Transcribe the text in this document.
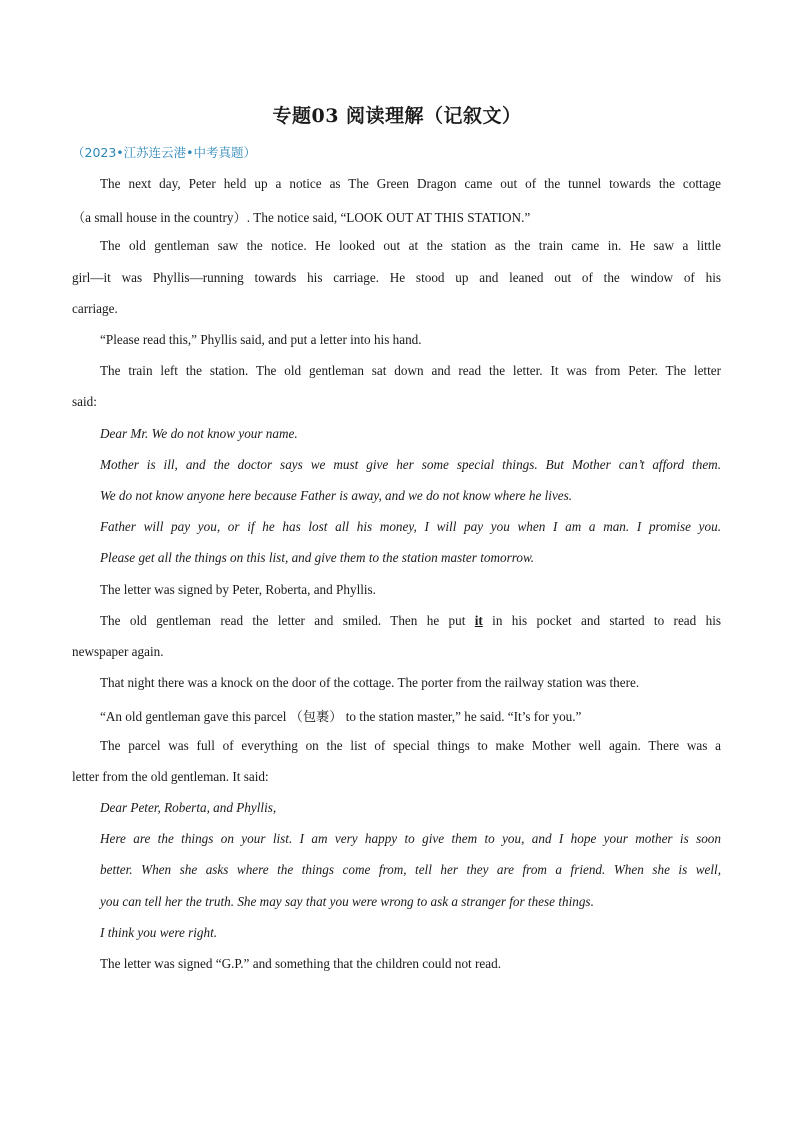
专题03 阅读理解（记叙文）
（2023•江苏连云港•中考真题）
The next day, Peter held up a notice as The Green Dragon came out of the tunnel towards the cottage
（a small house in the country）. The notice said, “LOOK OUT AT THIS STATION.”
The old gentleman saw the notice. He looked out at the station as the train came in. He saw a little
girl—it was Phyllis—running towards his carriage. He stood up and leaned out of the window of his
carriage.
“Please read this,” Phyllis said, and put a letter into his hand.
The train left the station. The old gentleman sat down and read the letter. It was from Peter. The letter
said:
Dear Mr. We do not know your name.
Mother is ill, and the doctor says we must give her some special things. But Mother can’t afford them.
We do not know anyone here because Father is away, and we do not know where he lives.
Father will pay you, or if he has lost all his money, I will pay you when I am a man. I promise you.
Please get all the things on this list, and give them to the station master tomorrow.
The letter was signed by Peter, Roberta, and Phyllis.
The old gentleman read the letter and smiled. Then he put it in his pocket and started to read his
newspaper again.
That night there was a knock on the door of the cottage. The porter from the railway station was there.
“An old gentleman gave this parcel （包裹） to the station master,” he said. “It’s for you.”
The parcel was full of everything on the list of special things to make Mother well again. There was a
letter from the old gentleman. It said:
Dear Peter, Roberta, and Phyllis,
Here are the things on your list. I am very happy to give them to you, and I hope your mother is soon
better. When she asks where the things come from, tell her they are from a friend. When she is well,
you can tell her the truth. She may say that you were wrong to ask a stranger for these things.
I think you were right.
The letter was signed “G.P.” and something that the children could not read.
